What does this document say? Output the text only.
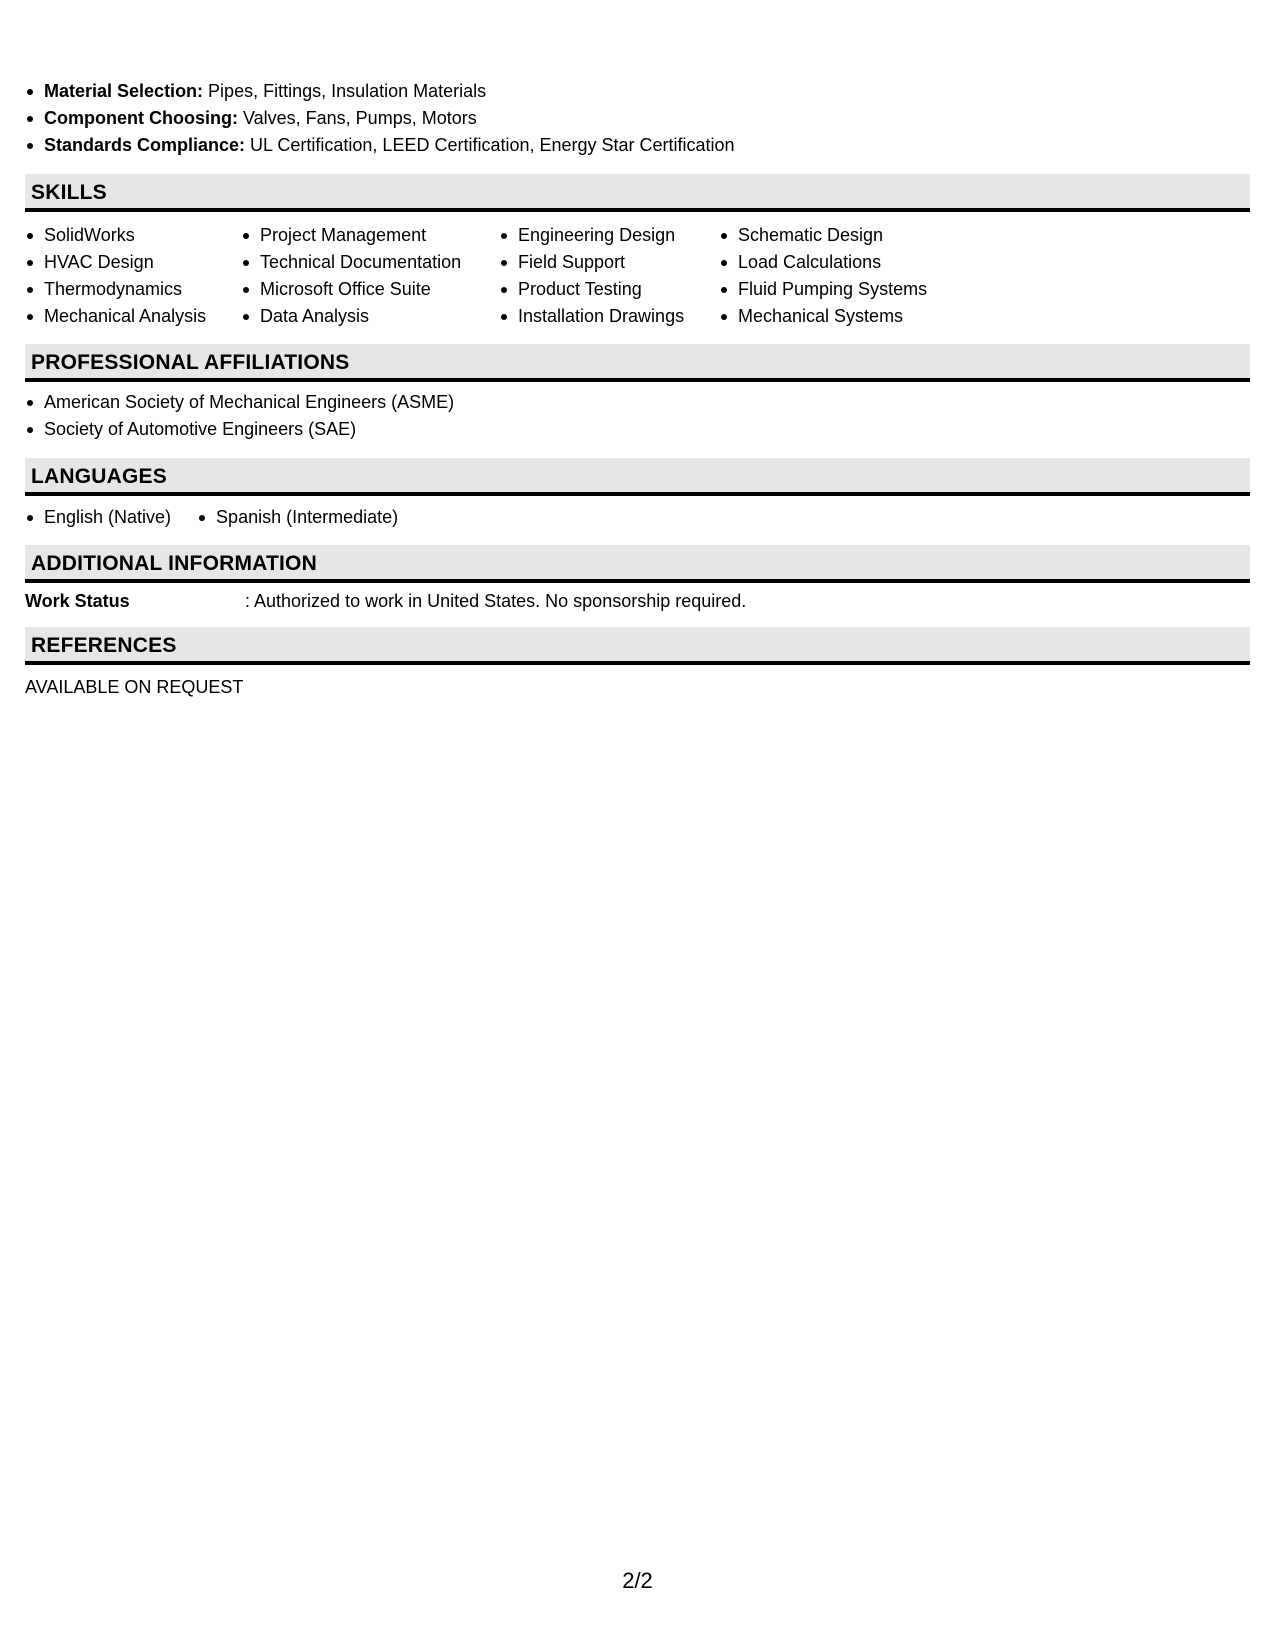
Material Selection: Pipes, Fittings, Insulation Materials
Component Choosing: Valves, Fans, Pumps, Motors
Standards Compliance: UL Certification, LEED Certification, Energy Star Certification
SKILLS
SolidWorks
HVAC Design
Thermodynamics
Mechanical Analysis
Project Management
Technical Documentation
Microsoft Office Suite
Data Analysis
Engineering Design
Field Support
Product Testing
Installation Drawings
Schematic Design
Load Calculations
Fluid Pumping Systems
Mechanical Systems
PROFESSIONAL AFFILIATIONS
American Society of Mechanical Engineers (ASME)
Society of Automotive Engineers (SAE)
LANGUAGES
English (Native)	Spanish (Intermediate)
ADDITIONAL INFORMATION
Work Status	: Authorized to work in United States. No sponsorship required.
REFERENCES
AVAILABLE ON REQUEST
2/2
